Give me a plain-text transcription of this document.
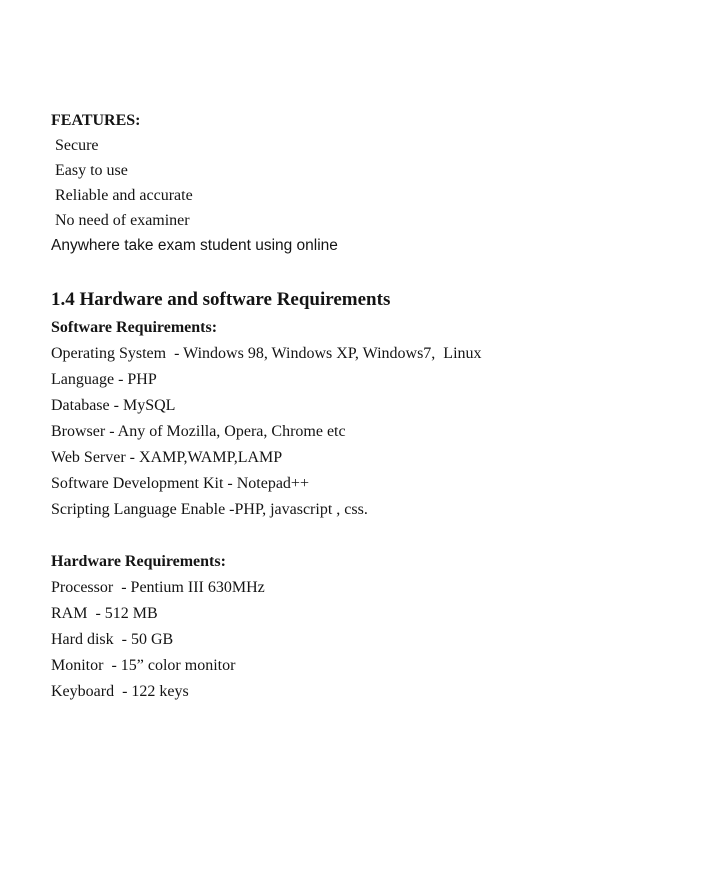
FEATURES:
Secure
Easy to use
Reliable and accurate
No need of examiner
Anywhere take exam student using online
1.4 Hardware and software Requirements
Software Requirements:
Operating System  - Windows 98, Windows XP, Windows7,  Linux
Language - PHP
Database - MySQL
Browser - Any of Mozilla, Opera, Chrome etc
Web Server - XAMP,WAMP,LAMP
Software Development Kit - Notepad++
Scripting Language Enable -PHP, javascript , css.
Hardware Requirements:
Processor  - Pentium III 630MHz
RAM  - 512 MB
Hard disk  - 50 GB
Monitor  - 15” color monitor
Keyboard  - 122 keys
